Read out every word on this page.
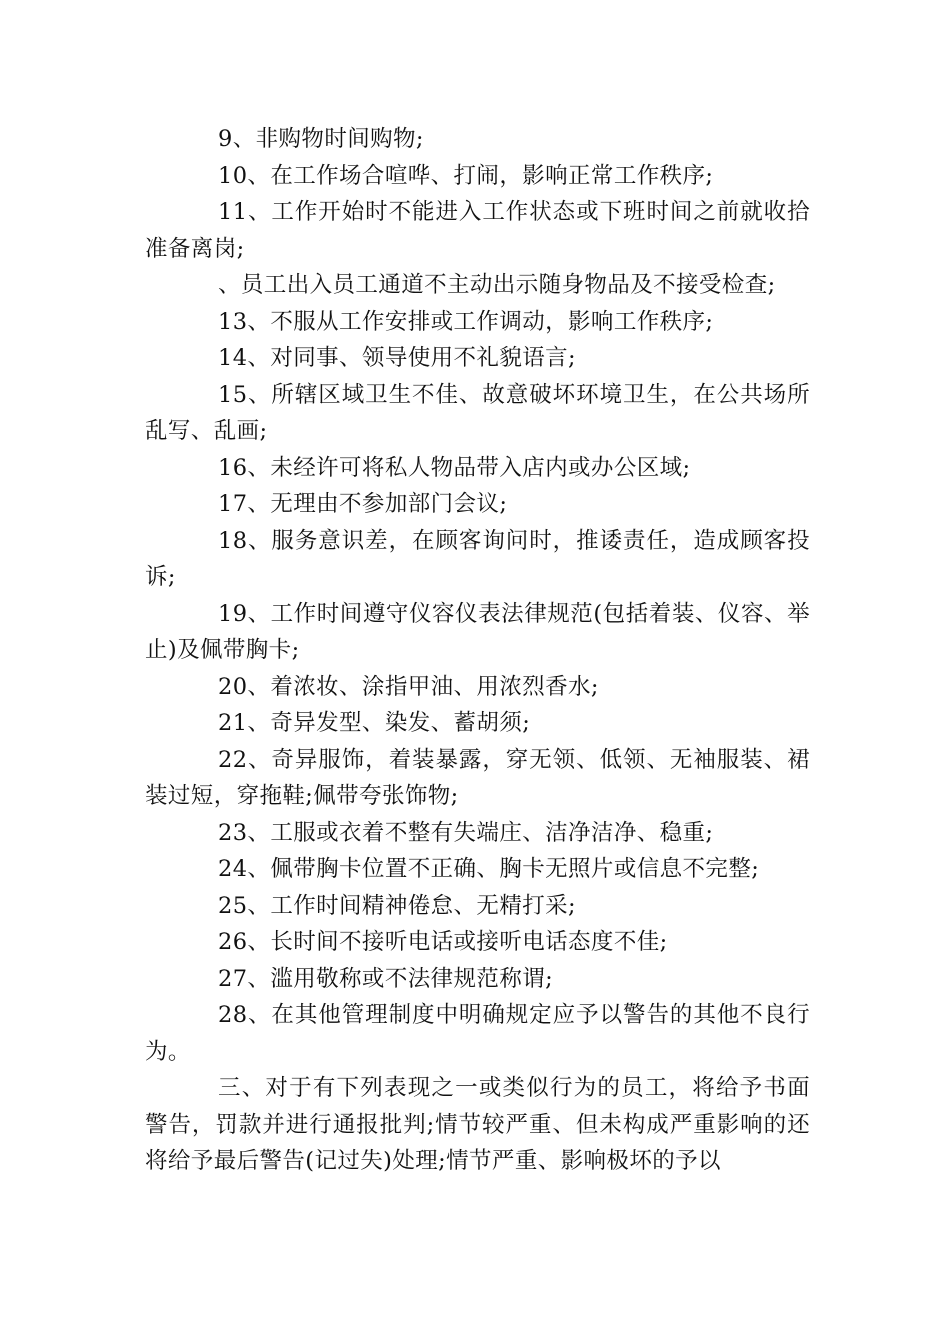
9、非购物时间购物;

10、在工作场合喧哗、打闹，影响正常工作秩序;

11、工作开始时不能进入工作状态或下班时间之前就收拾准备离岗;

、员工出入员工通道不主动出示随身物品及不接受检查;

13、不服从工作安排或工作调动，影响工作秩序;

14、对同事、领导使用不礼貌语言;

15、所辖区域卫生不佳、故意破坏环境卫生，在公共场所乱写、乱画;

16、未经许可将私人物品带入店内或办公区域;

17、无理由不参加部门会议;

18、服务意识差，在顾客询问时，推诿责任，造成顾客投诉;

19、工作时间遵守仪容仪表法律规范(包括着装、仪容、举止)及佩带胸卡;

20、着浓妆、涂指甲油、用浓烈香水;

21、奇异发型、染发、蓄胡须;

22、奇异服饰，着装暴露，穿无领、低领、无袖服装、裙装过短，穿拖鞋;佩带夸张饰物;

23、工服或衣着不整有失端庄、洁净洁净、稳重;

24、佩带胸卡位置不正确、胸卡无照片或信息不完整;

25、工作时间精神倦怠、无精打采;

26、长时间不接听电话或接听电话态度不佳;

27、滥用敬称或不法律规范称谓;

28、在其他管理制度中明确规定应予以警告的其他不良行为。

三、对于有下列表现之一或类似行为的员工，将给予书面警告，罚款并进行通报批判;情节较严重、但未构成严重影响的还将给予最后警告(记过失)处理;情节严重、影响极坏的予以
